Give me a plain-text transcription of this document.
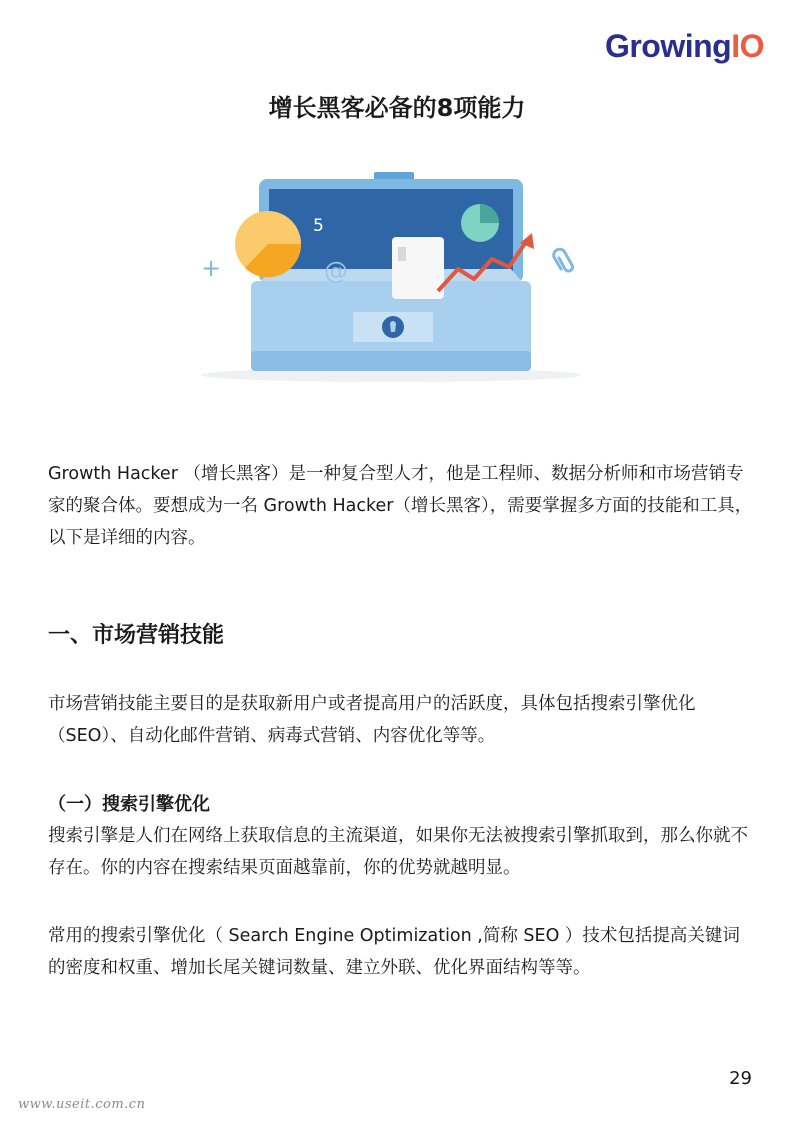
GrowingIO
增长黑客必备的8项能力
5
@
+

Growth Hacker （增长黑客）是一种复合型人才，他是工程师、数据分析师和市场营销专家的聚合体。要想成为一名 Growth Hacker（增长黑客），需要掌握多方面的技能和工具，以下是详细的内容。

一、市场营销技能

市场营销技能主要目的是获取新用户或者提高用户的活跃度，具体包括搜索引擎优化（SEO）、自动化邮件营销、病毒式营销、内容优化等等。

（一）搜索引擎优化

搜索引擎是人们在网络上获取信息的主流渠道，如果你无法被搜索引擎抓取到，那么你就不存在。你的内容在搜索结果页面越靠前，你的优势就越明显。

常用的搜索引擎优化（ Search Engine Optimization ,简称 SEO ）技术包括提高关键词的密度和权重、增加长尾关键词数量、建立外联、优化界面结构等等。

29
www.useit.com.cn
